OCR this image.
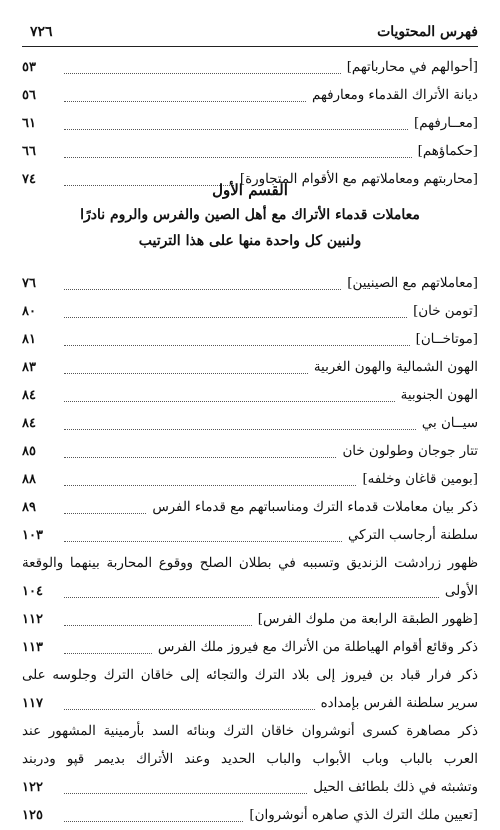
٧٢٦	فهرس المحتويات
[أحوالهم في محارباتهم]
٥٣
ديانة الأتراك القدماء ومعارفهم
٥٦
[معــارفهم]
٦١
[حكماؤهم]
٦٦
[محاربتهم ومعاملاتهم مع الأقوام المتجاورة]
٧٤
القسم الأول
معاملات قدماء الأتراك مع أهل الصين والفرس والروم نادرًا
ولنبين كل واحدة منها على هذا الترتيب
[معاملاتهم مع الصينيين]
٧٦
[تومن خان]
٨٠
[موتاخــان]
٨١
الهون الشمالية والهون الغربية
٨٣
الهون الجنوبية
٨٤
سيــان بي
٨٤
تتار جوجان وطولون خان
٨٥
[بومين قاغان وخلفه]
٨٨
ذكر بيان معاملات قدماء الترك ومناسباتهم مع قدماء الفرس
٨٩
سلطنة أرجاسب التركي
١٠٣
ظهور زرادشت الزنديق وتسببه في بطلان الصلح ووقوع المحاربة بينهما والوقعة
الأولى
١٠٤
[ظهور الطبقة الرابعة من ملوك الفرس]
١١٢
ذكر وقائع أقوام الهياطلة من الأتراك مع فيروز ملك الفرس
١١٣
ذكر فرار قباد بن فيروز إلى بلاد الترك والتجائه إلى خاقان الترك وجلوسه على
سرير سلطنة الفرس بإمداده
١١٧
ذكر مصاهرة كسرى أنوشروان خاقان الترك وبنائه السد بأرمينية المشهور عند
العرب بالباب وباب الأبواب والباب الحديد وعند الأتراك بديمر قپو ودربند
وتشبثه في ذلك بلطائف الحيل
١٢٢
[تعيين ملك الترك الذي صاهره أنوشروان]
١٢٥
